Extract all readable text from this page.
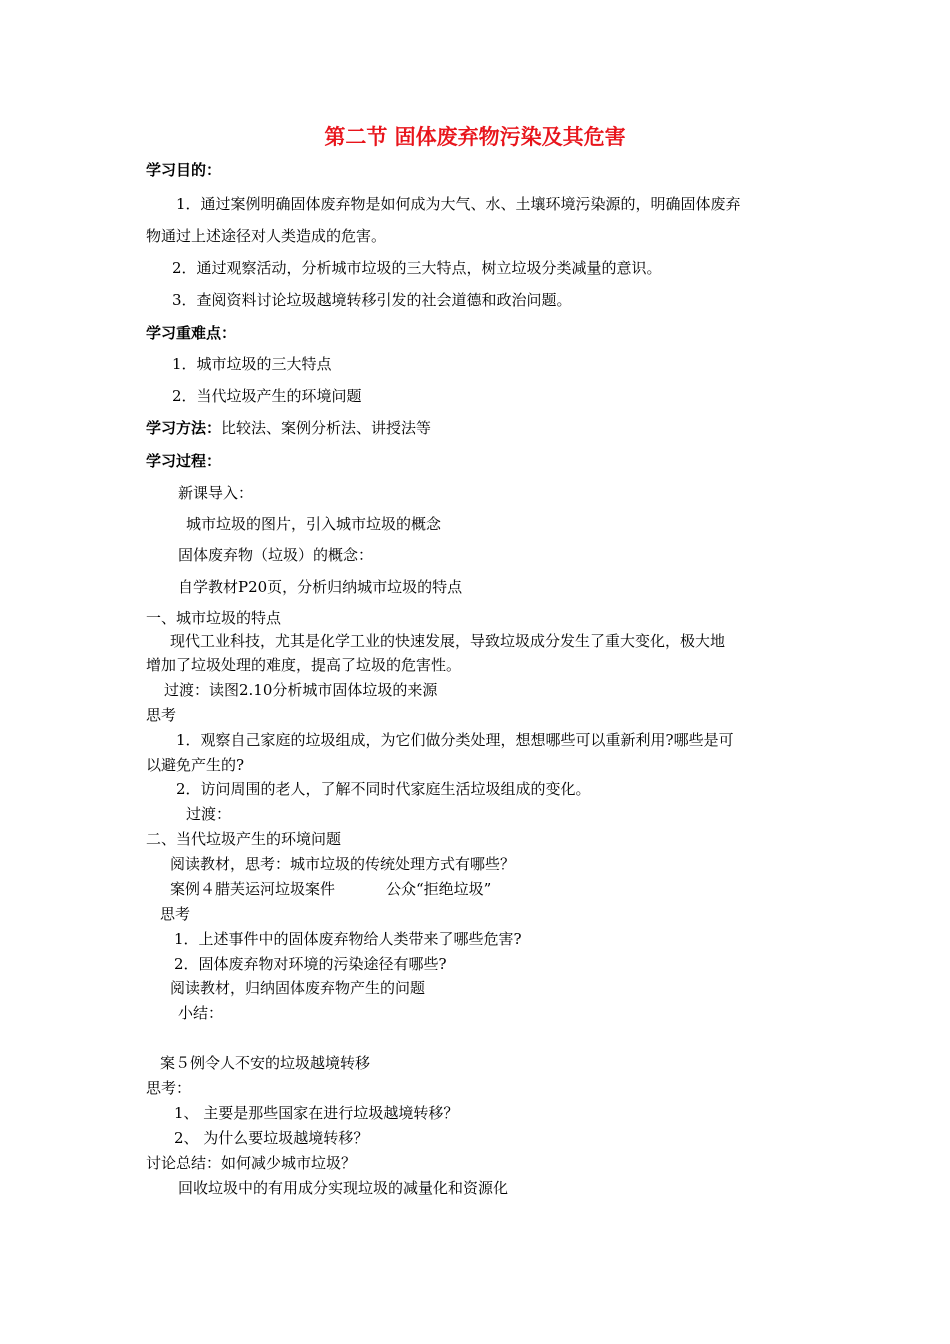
第二节 固体废弃物污染及其危害
学习目的：
1．通过案例明确固体废弃物是如何成为大气、水、土壤环境污染源的，明确固体废弃
物通过上述途径对人类造成的危害。
2．通过观察活动，分析城市垃圾的三大特点，树立垃圾分类减量的意识。
3．查阅资料讨论垃圾越境转移引发的社会道德和政治问题。
学习重难点：
1．城市垃圾的三大特点
2．当代垃圾产生的环境问题
学习方法：比较法、案例分析法、讲授法等
学习过程：
新课导入：
城市垃圾的图片，引入城市垃圾的概念
固体废弃物（垃圾）的概念：
自学教材P20页，分析归纳城市垃圾的特点
一、城市垃圾的特点
现代工业科技，尤其是化学工业的快速发展，导致垃圾成分发生了重大变化，极大地
增加了垃圾处理的难度，提高了垃圾的危害性。
过渡：读图2.10分析城市固体垃圾的来源
思考
1．观察自己家庭的垃圾组成，为它们做分类处理，想想哪些可以重新利用?哪些是可
以避免产生的?
2．访问周围的老人，了解不同时代家庭生活垃圾组成的变化。
过渡：
二、当代垃圾产生的环境问题
阅读教材，思考：城市垃圾的传统处理方式有哪些？
案例４腊芙运河垃圾案件	公众“拒绝垃圾”
思考
1．上述事件中的固体废弃物给人类带来了哪些危害?
2．固体废弃物对环境的污染途径有哪些?
阅读教材，归纳固体废弃物产生的问题
小结：
案５例令人不安的垃圾越境转移
思考：
1、 主要是那些国家在进行垃圾越境转移？
2、 为什么要垃圾越境转移？
讨论总结：如何减少城市垃圾？
回收垃圾中的有用成分实现垃圾的减量化和资源化
